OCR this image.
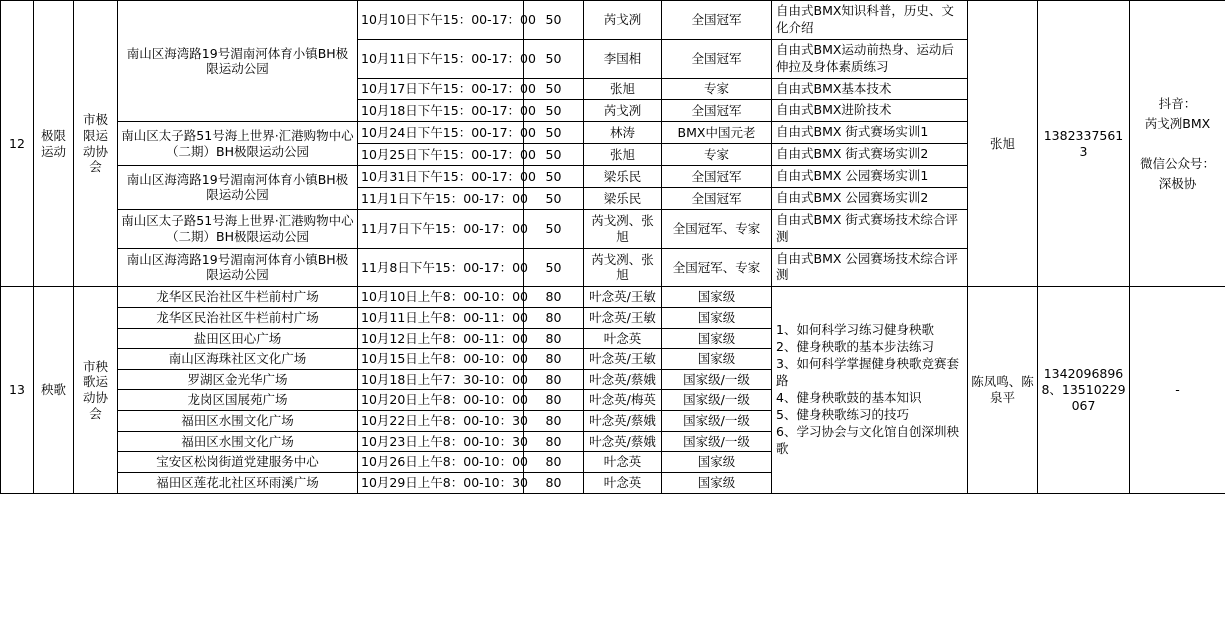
12	极限运动	市极限运动协会	南山区海湾路19号湄南河体育小镇BH极限运动公园	10月10日下午15：00-17：00	50	芮戈冽	全国冠军	自由式BMX知识科普，历史、文化介绍	张旭	13823375613	抖音：
芮戈冽BMX

微信公众号：
深极协

				10月11日下午15：00-17：00	50	李国相	全国冠军	自由式BMX运动前热身、运动后伸拉及身体素质练习			
				10月17日下午15：00-17：00	50	张旭	专家	自由式BMX基本技术			
				10月18日下午15：00-17：00	50	芮戈冽	全国冠军	自由式BMX进阶技术			
			南山区太子路51号海上世界·汇港购物中心（二期）BH极限运动公园	10月24日下午15：00-17：00	50	林涛	BMX中国元老	自由式BMX 街式赛场实训1			
				10月25日下午15：00-17：00	50	张旭	专家	自由式BMX 街式赛场实训2			
			南山区海湾路19号湄南河体育小镇BH极限运动公园	10月31日下午15：00-17：00	50	梁乐民	全国冠军	自由式BMX 公园赛场实训1			
				11月1日下午15：00-17：00	50	梁乐民	全国冠军	自由式BMX 公园赛场实训2			
			南山区太子路51号海上世界·汇港购物中心（二期）BH极限运动公园	11月7日下午15：00-17：00	50	芮戈冽、张旭	全国冠军、专家	自由式BMX 街式赛场技术综合评测			
			南山区海湾路19号湄南河体育小镇BH极限运动公园	11月8日下午15：00-17：00	50	芮戈冽、张旭	全国冠军、专家	自由式BMX 公园赛场技术综合评测			
13	秧歌	市秧歌运动协会	龙华区民治社区牛栏前村广场	10月10日上午8：00-10：00	80	叶念英/王敏	国家级	1、如何科学习练习健身秧歌
2、健身秧歌的基本步法练习
3、如何科学掌握健身秧歌竞赛套路
4、健身秧歌鼓的基本知识
5、健身秧歌练习的技巧
6、学习协会与文化馆自创深圳秧歌	陈凤鸣、陈泉平	13420968968、13510229067	
-

			龙华区民治社区牛栏前村广场	10月11日上午8：00-11：00	80	叶念英/王敏	国家级				
			盐田区田心广场	10月12日上午8：00-11：00	80	叶念英	国家级				
			南山区海珠社区文化广场	10月15日上午8：00-10：00	80	叶念英/王敏	国家级				
			罗湖区金光华广场	10月18日上午7：30-10：00	80	叶念英/蔡娥	国家级/一级				
			龙岗区国展苑广场	10月20日上午8：00-10：00	80	叶念英/梅英	国家级/一级				
			福田区水围文化广场	10月22日上午8：00-10：30	80	叶念英/蔡娥	国家级/一级				
			福田区水围文化广场	10月23日上午8：00-10：30	80	叶念英/蔡娥	国家级/一级				
			宝安区松岗街道党建服务中心	10月26日上午8：00-10：00	80	叶念英	国家级				
			福田区莲花北社区环雨溪广场	10月29日上午8：00-10：30	80	叶念英	国家级				
